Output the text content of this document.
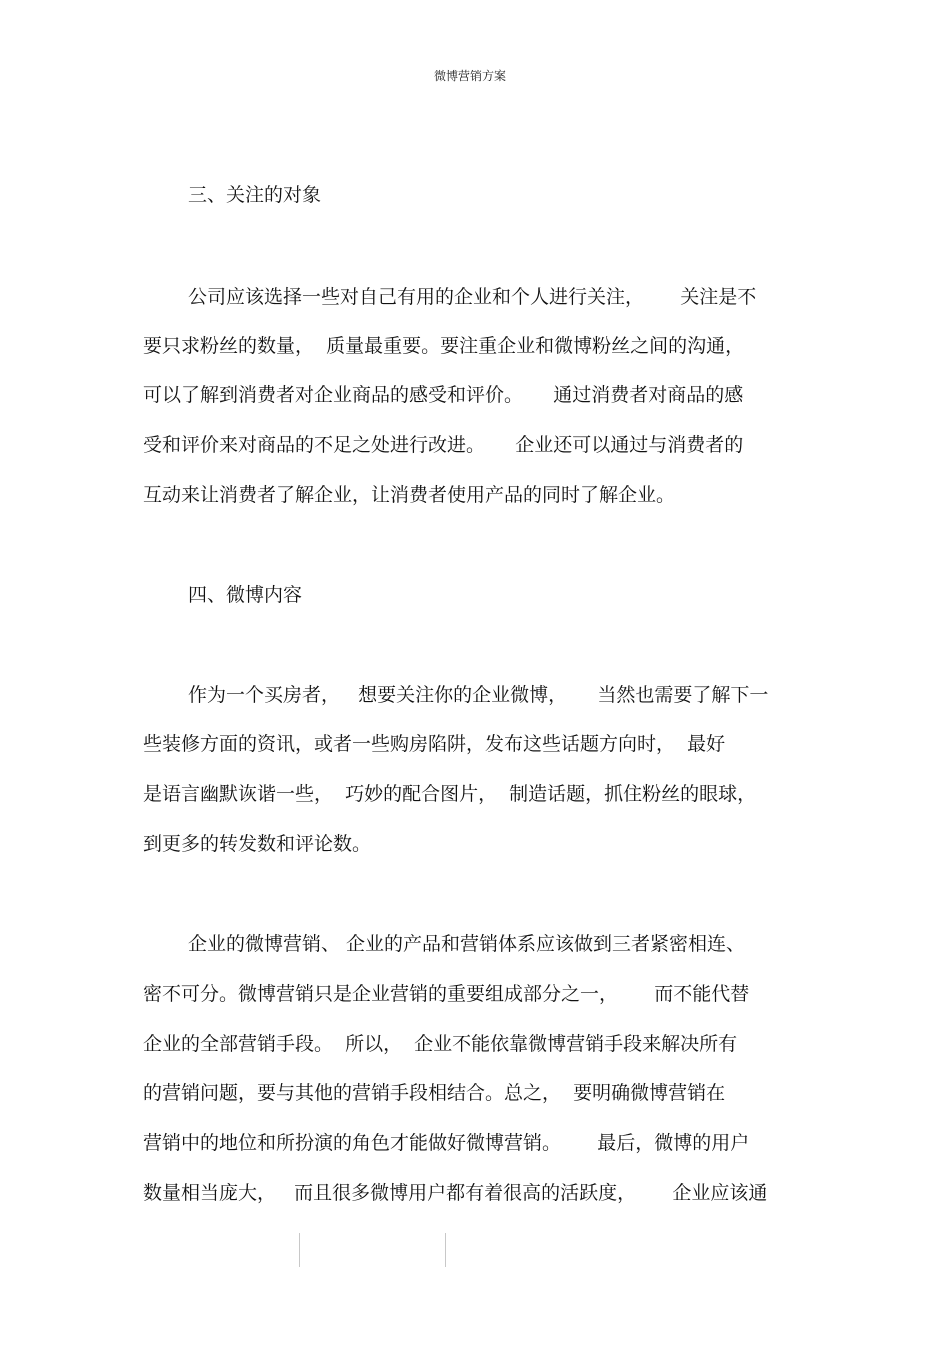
微博营销方案
三、关注的对象
公司应该选择一些对自己有用的企业和个人进行关注，      关注是不
要只求粉丝的数量，  质量最重要。要注重企业和微博粉丝之间的沟通，
可以了解到消费者对企业商品的感受和评价。     通过消费者对商品的感
受和评价来对商品的不足之处进行改进。     企业还可以通过与消费者的
互动来让消费者了解企业，让消费者使用产品的同时了解企业。
四、微博内容
作为一个买房者，   想要关注你的企业微博，     当然也需要了解下一
些装修方面的资讯，或者一些购房陷阱，发布这些话题方向时，  最好
是语言幽默诙谐一些，  巧妙的配合图片，  制造话题，抓住粉丝的眼球，
到更多的转发数和评论数。
企业的微博营销、 企业的产品和营销体系应该做到三者紧密相连、
密不可分。微博营销只是企业营销的重要组成部分之一，      而不能代替
企业的全部营销手段。  所以，  企业不能依靠微博营销手段来解决所有
的营销问题，要与其他的营销手段相结合。总之，  要明确微博营销在
营销中的地位和所扮演的角色才能做好微博营销。      最后，微博的用户
数量相当庞大，   而且很多微博用户都有着很高的活跃度，      企业应该通
